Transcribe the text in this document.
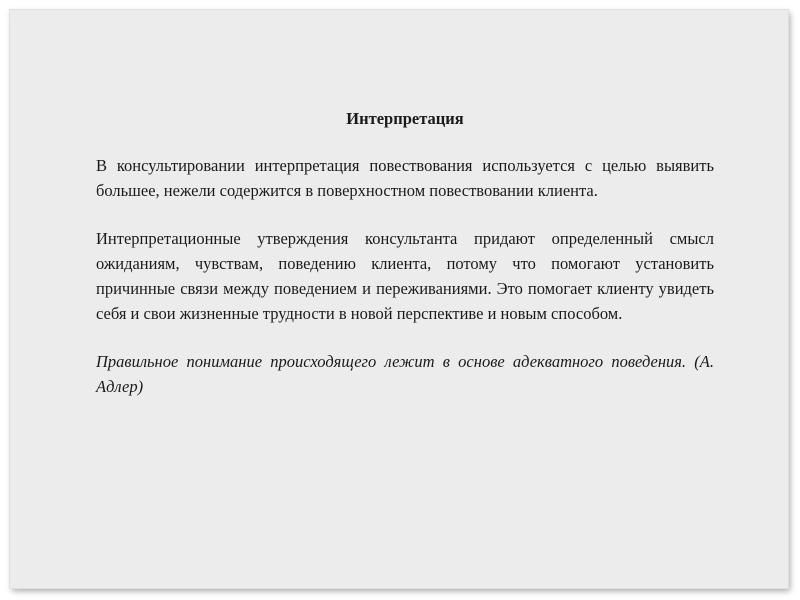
Интерпретация

В консультировании интерпретация повествования используется с целью выявить большее, нежели содержится в поверхностном повествовании клиента.

Интерпретационные утверждения консультанта придают определенный смысл ожиданиям, чувствам, поведению клиента, потому что помогают установить причинные связи между поведением и переживаниями. Это помогает клиенту увидеть себя и свои жизненные трудности в новой перспективе и новым способом.

Правильное понимание происходящего лежит в основе адекватного поведения. (А. Адлер)
